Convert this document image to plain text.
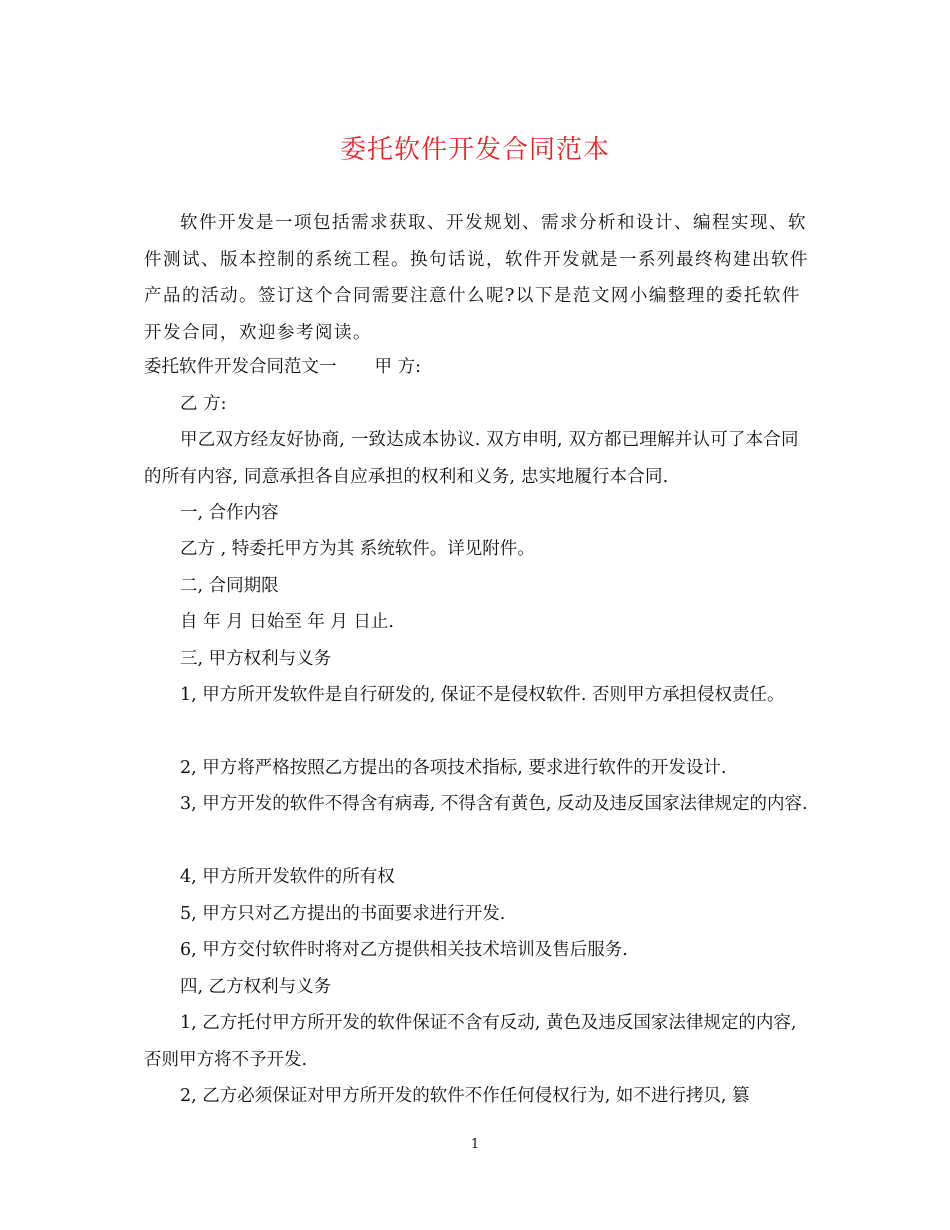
委托软件开发合同范本

软件开发是一项包括需求获取、开发规划、需求分析和设计、编程实现、软件测试、版本控制的系统工程。换句话说，软件开发就是一系列最终构建出软件产品的活动。签订这个合同需要注意什么呢?以下是范文网小编整理的委托软件开发合同，欢迎参考阅读。

委托软件开发合同范文一 甲 方:
乙 方:
甲乙双方经友好协商, 一致达成本协议. 双方申明, 双方都已理解并认可了本合同的所有内容, 同意承担各自应承担的权利和义务, 忠实地履行本合同.
一, 合作内容
乙方 , 特委托甲方为其 系统软件。详见附件。
二, 合同期限
自 年 月 日始至 年 月 日止.
三, 甲方权利与义务
1, 甲方所开发软件是自行研发的, 保证不是侵权软件. 否则甲方承担侵权责任。
2, 甲方将严格按照乙方提出的各项技术指标, 要求进行软件的开发设计.
3, 甲方开发的软件不得含有病毒, 不得含有黄色, 反动及违反国家法律规定的内容.
4, 甲方所开发软件的所有权
5, 甲方只对乙方提出的书面要求进行开发.
6, 甲方交付软件时将对乙方提供相关技术培训及售后服务.
四, 乙方权利与义务
1, 乙方托付甲方所开发的软件保证不含有反动, 黄色及违反国家法律规定的内容, 否则甲方将不予开发.
2, 乙方必须保证对甲方所开发的软件不作任何侵权行为, 如不进行拷贝, 篡
1
